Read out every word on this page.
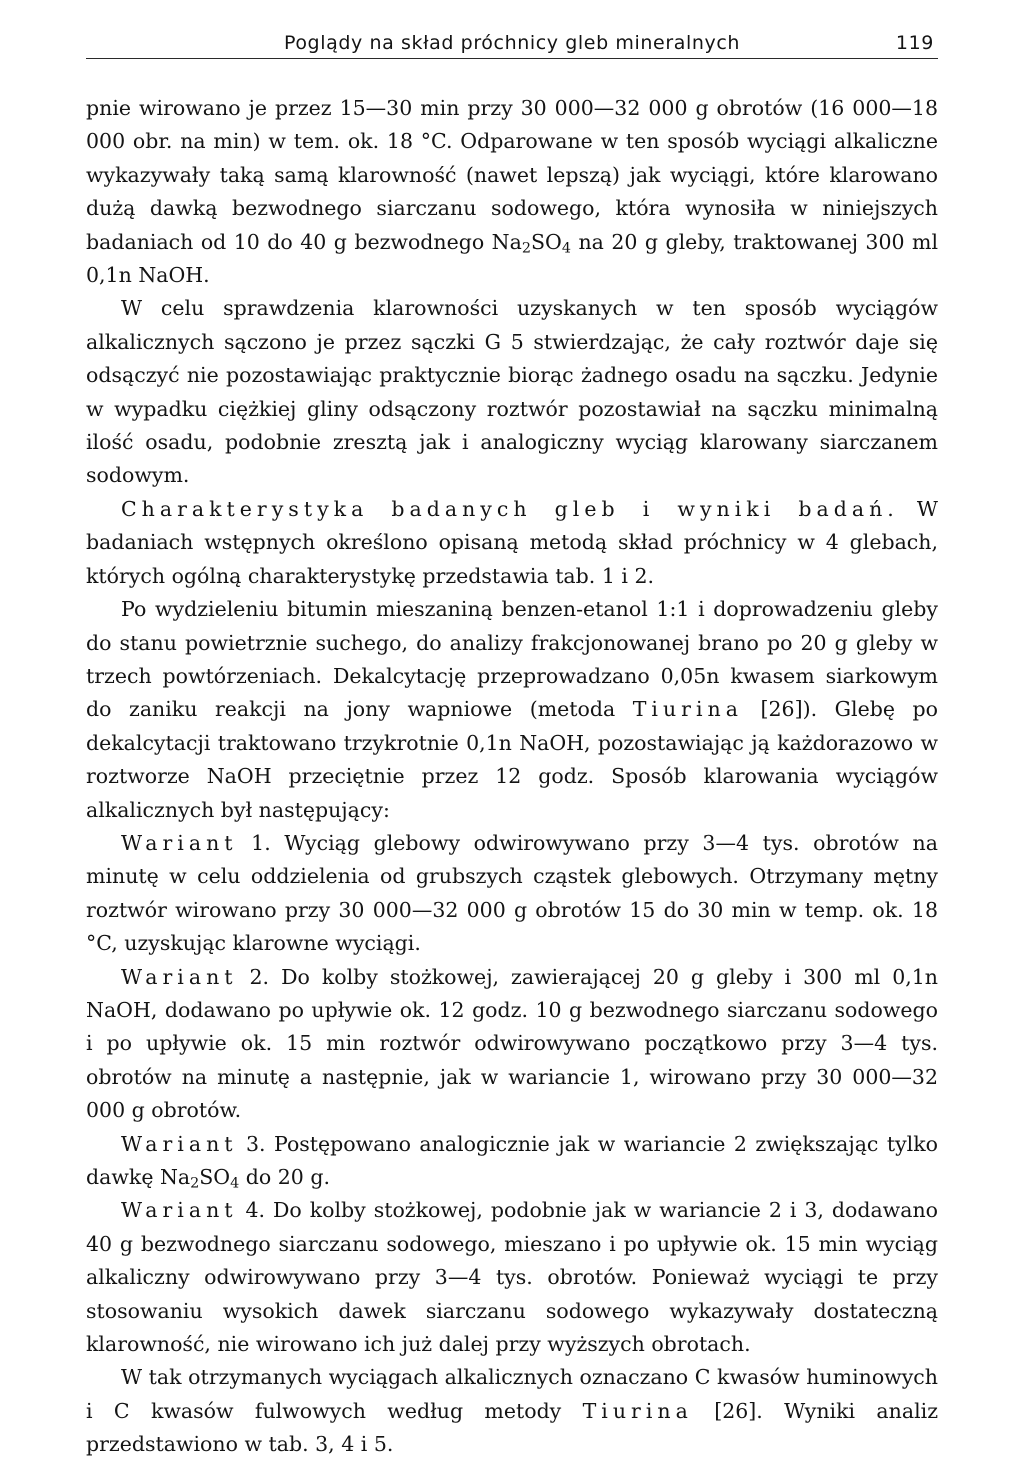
Poglądy na skład próchnicy gleb mineralnych	119

pnie wirowano je przez 15—30 min przy 30 000—32 000 g obrotów (16 000—18 000 obr. na min) w tem. ok. 18 °C. Odparowane w ten sposób wyciągi alkaliczne wykazywały taką samą klarowność (nawet lepszą) jak wyciągi, które klarowano dużą dawką bezwodnego siarczanu sodowego, która wynosiła w niniejszych badaniach od 10 do 40 g bezwodnego $Na_2SO_4$ na 20 g gleby, traktowanej 300 ml 0,1n NaOH.

W celu sprawdzenia klarowności uzyskanych w ten sposób wyciągów alkalicznych sączono je przez sączki G 5 stwierdzając, że cały roztwór daje się odsączyć nie pozostawiając praktycznie biorąc żadnego osadu na sączku. Jedynie w wypadku ciężkiej gliny odsączony roztwór pozostawiał na sączku minimalną ilość osadu, podobnie zresztą jak i analogiczny wyciąg klarowany siarczanem sodowym.

Charakterystyka badanych gleb i wyniki badań. W badaniach wstępnych określono opisaną metodą skład próchnicy w 4 glebach, których ogólną charakterystykę przedstawia tab. 1 i 2.

Po wydzieleniu bitumin mieszaniną benzen-etanol 1:1 i doprowadzeniu gleby do stanu powietrznie suchego, do analizy frakcjonowanej brano po 20 g gleby w trzech powtórzeniach. Dekalcytację przeprowadzano 0,05n kwasem siarkowym do zaniku reakcji na jony wapniowe (metoda Tiurina [26]). Glebę po dekalcytacji traktowano trzykrotnie 0,1n NaOH, pozostawiając ją każdorazowo w roztworze NaOH przeciętnie przez 12 godz. Sposób klarowania wyciągów alkalicznych był następujący:

Wariant 1. Wyciąg glebowy odwirowywano przy 3—4 tys. obrotów na minutę w celu oddzielenia od grubszych cząstek glebowych. Otrzymany mętny roztwór wirowano przy 30 000—32 000 g obrotów 15 do 30 min w temp. ok. 18 °C, uzyskując klarowne wyciągi.

Wariant 2. Do kolby stożkowej, zawierającej 20 g gleby i 300 ml 0,1n NaOH, dodawano po upływie ok. 12 godz. 10 g bezwodnego siarczanu sodowego i po upływie ok. 15 min roztwór odwirowywano początkowo przy 3—4 tys. obrotów na minutę a następnie, jak w wariancie 1, wirowano przy 30 000—32 000 g obrotów.

Wariant 3. Postępowano analogicznie jak w wariancie 2 zwiększając tylko dawkę $Na_2SO_4$ do 20 g.

Wariant 4. Do kolby stożkowej, podobnie jak w wariancie 2 i 3, dodawano 40 g bezwodnego siarczanu sodowego, mieszano i po upływie ok. 15 min wyciąg alkaliczny odwirowywano przy 3—4 tys. obrotów. Ponieważ wyciągi te przy stosowaniu wysokich dawek siarczanu sodowego wykazywały dostateczną klarowność, nie wirowano ich już dalej przy wyższych obrotach.

W tak otrzymanych wyciągach alkalicznych oznaczano C kwasów huminowych i C kwasów fulwowych według metody Tiurina [26]. Wyniki analiz przedstawiono w tab. 3, 4 i 5.
